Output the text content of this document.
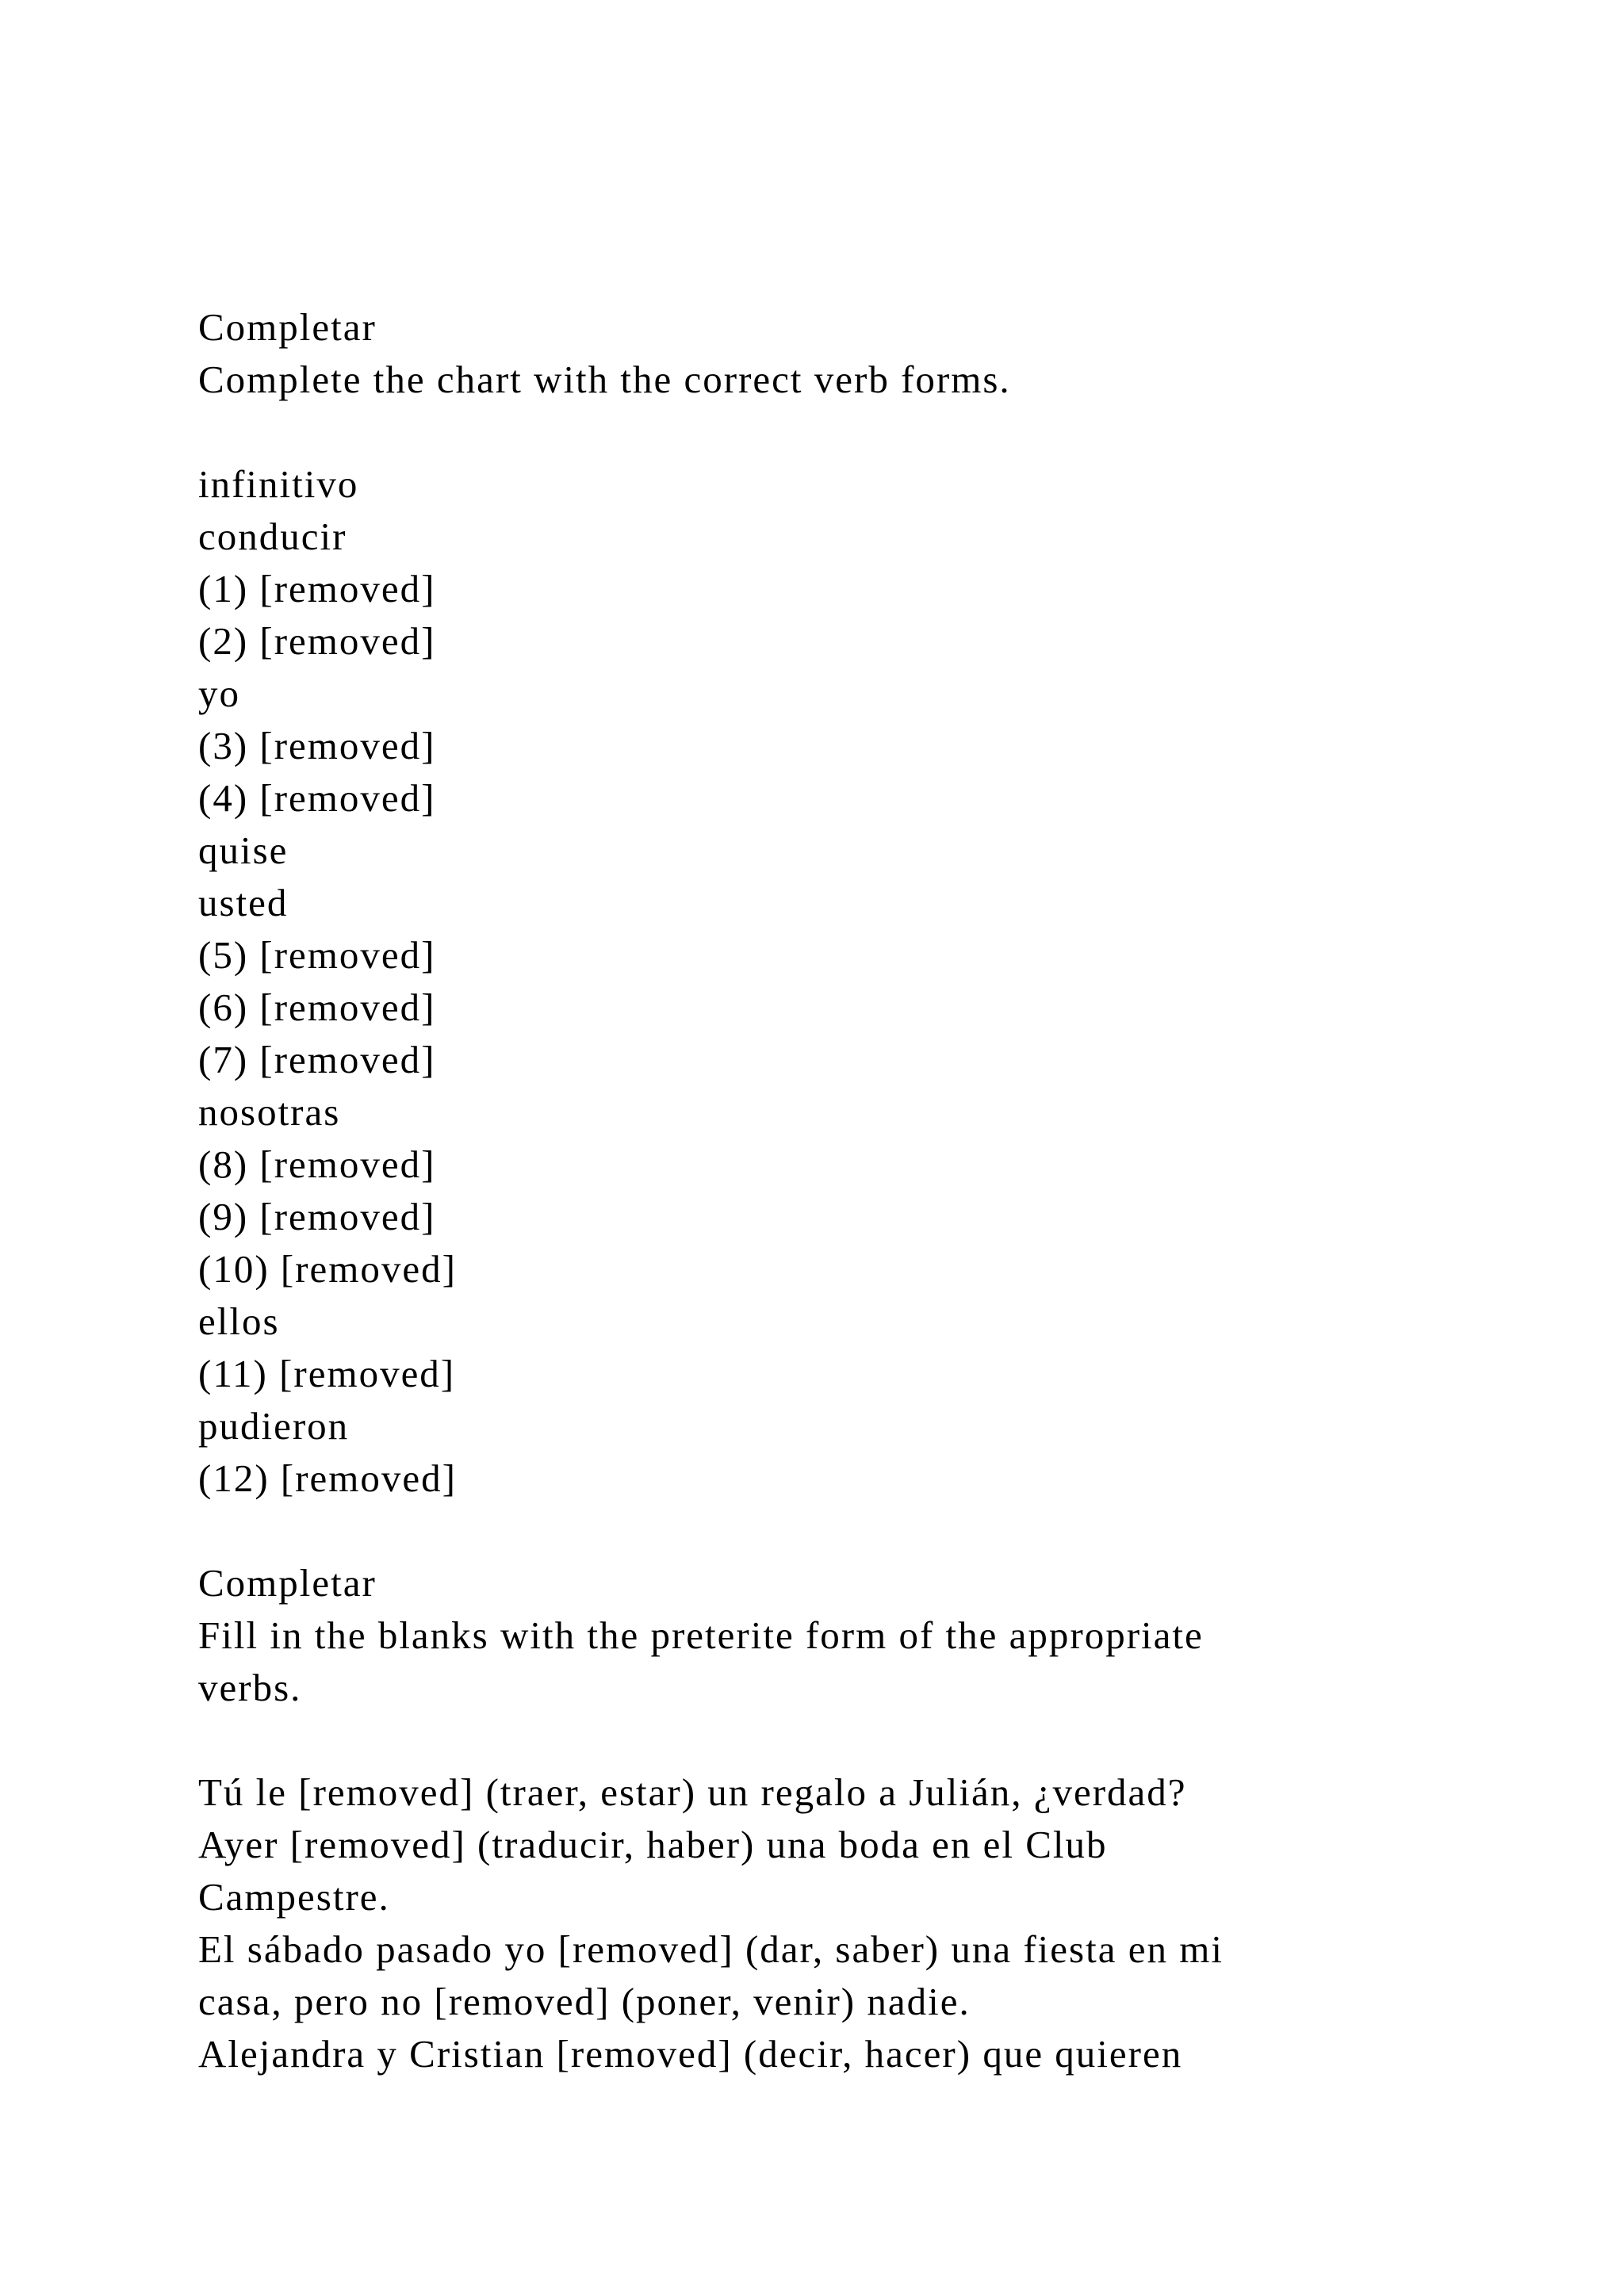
Completar

Complete the chart with the correct verb forms.

infinitivo

conducir

(1) [removed]

(2) [removed]

yo

(3) [removed]

(4) [removed]

quise

usted

(5) [removed]

(6) [removed]

(7) [removed]

nosotras

(8) [removed]

(9) [removed]

(10) [removed]

ellos

(11) [removed]

pudieron

(12) [removed]

Completar

Fill in the blanks with the preterite form of the appropriate

verbs.

Tú le [removed] (traer, estar) un regalo a Julián, ¿verdad?

Ayer [removed] (traducir, haber) una boda en el Club

Campestre.

El sábado pasado yo [removed] (dar, saber) una fiesta en mi

casa, pero no [removed] (poner, venir) nadie.

Alejandra y Cristian [removed] (decir, hacer) que quieren
